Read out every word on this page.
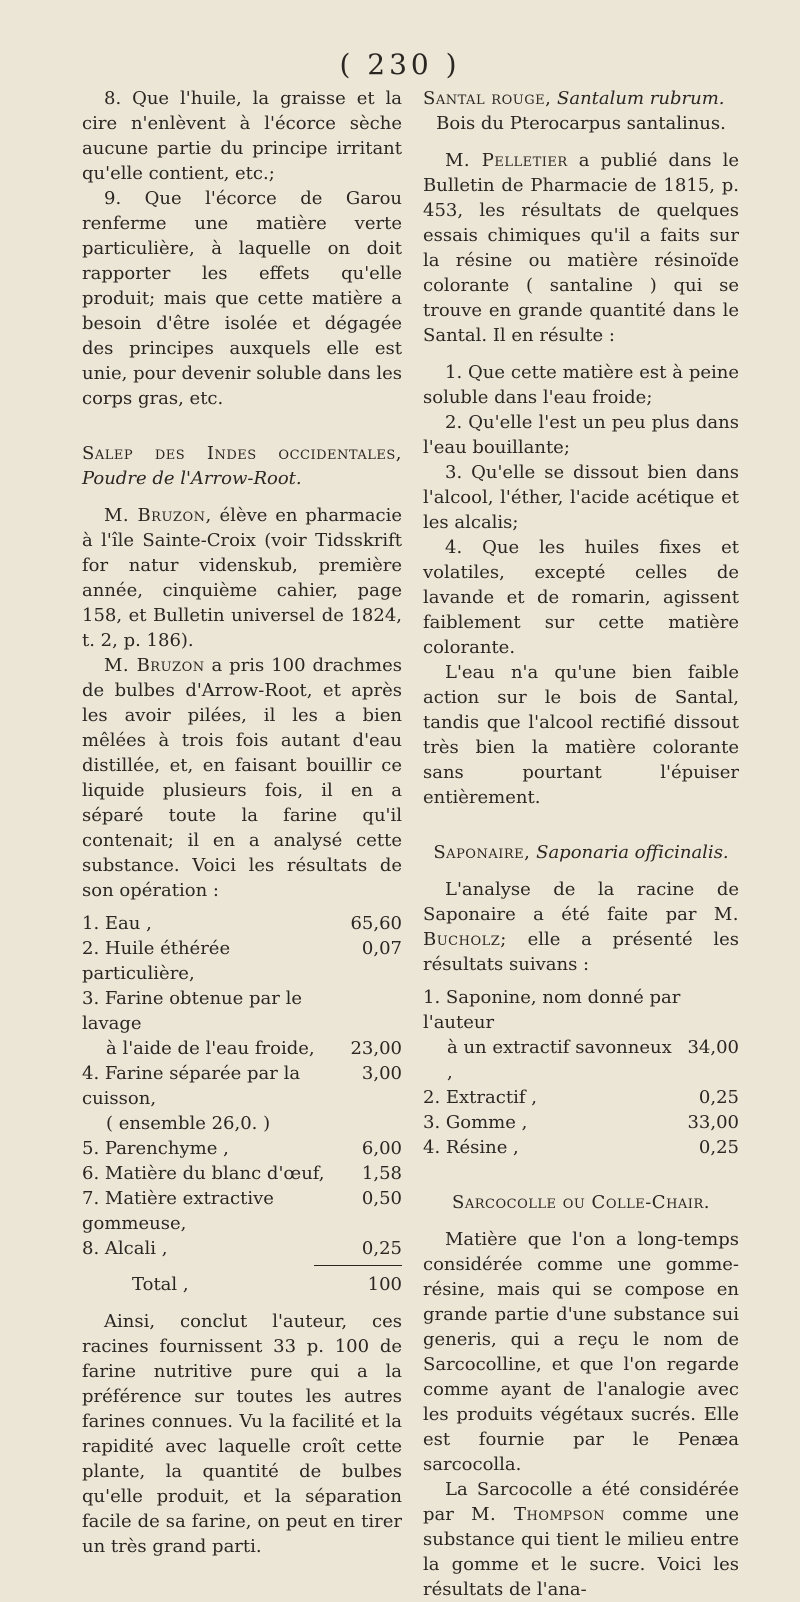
( 230 )

8. Que l'huile, la graisse et la cire n'enlèvent à l'écorce sèche aucune partie du principe irritant qu'elle contient, etc.;

9. Que l'écorce de Garou renferme une matière verte particulière, à laquelle on doit rapporter les effets qu'elle produit; mais que cette matière a besoin d'être isolée et dégagée des principes auxquels elle est unie, pour devenir soluble dans les corps gras, etc.

Salep des Indes occidentales, Poudre de l'Arrow-Root.

M. Bruzon, élève en pharmacie à l'île Sainte-Croix (voir Tidsskrift for natur videnskub, première année, cinquième cahier, page 158, et Bulletin universel de 1824, t. 2, p. 186).

M. Bruzon a pris 100 drachmes de bulbes d'Arrow-Root, et après les avoir pilées, il les a bien mêlées à trois fois autant d'eau distillée, et, en faisant bouillir ce liquide plusieurs fois, il en a séparé toute la farine qu'il contenait; il en a analysé cette substance. Voici les résultats de son opération :

1. Eau ,	65,60
2. Huile éthérée particulière,	0,07
3. Farine obtenue par le lavage	
à l'aide de l'eau froide,	23,00
4. Farine séparée par la cuisson,	3,00
( ensemble 26,0. )	
5. Parenchyme ,	6,00
6. Matière du blanc d'œuf,	1,58
7. Matière extractive gommeuse,	0,50
8. Alcali ,	0,25
Total ,	100

Ainsi, conclut l'auteur, ces racines fournissent 33 p. 100 de farine nutritive pure qui a la préférence sur toutes les autres farines connues. Vu la facilité et la rapidité avec laquelle croît cette plante, la quantité de bulbes qu'elle produit, et la séparation facile de sa farine, on peut en tirer un très grand parti.

Santal rouge, Santalum rubrum.

Bois du Pterocarpus santalinus.

M. Pelletier a publié dans le Bulletin de Pharmacie de 1815, p. 453, les résultats de quelques essais chimiques qu'il a faits sur la résine ou matière résinoïde colorante ( santaline ) qui se trouve en grande quantité dans le Santal. Il en résulte :

1. Que cette matière est à peine soluble dans l'eau froide;

2. Qu'elle l'est un peu plus dans l'eau bouillante;

3. Qu'elle se dissout bien dans l'alcool, l'éther, l'acide acétique et les alcalis;

4. Que les huiles fixes et volatiles, excepté celles de lavande et de romarin, agissent faiblement sur cette matière colorante.

L'eau n'a qu'une bien faible action sur le bois de Santal, tandis que l'alcool rectifié dissout très bien la matière colorante sans pourtant l'épuiser entièrement.

Saponaire, Saponaria officinalis.

L'analyse de la racine de Saponaire a été faite par M. Bucholz; elle a présenté les résultats suivans :

1. Saponine, nom donné par l'auteur	
à un extractif savonneux ,	34,00
2. Extractif ,	0,25
3. Gomme ,	33,00
4. Résine ,	0,25

Sarcocolle ou Colle-Chair.

Matière que l'on a long-temps considérée comme une gomme-résine, mais qui se compose en grande partie d'une substance sui generis, qui a reçu le nom de Sarcocolline, et que l'on regarde comme ayant de l'analogie avec les produits végétaux sucrés. Elle est fournie par le Penæa sarcocolla.

La Sarcocolle a été considérée par M. Thompson comme une substance qui tient le milieu entre la gomme et le sucre. Voici les résultats de l'ana-
